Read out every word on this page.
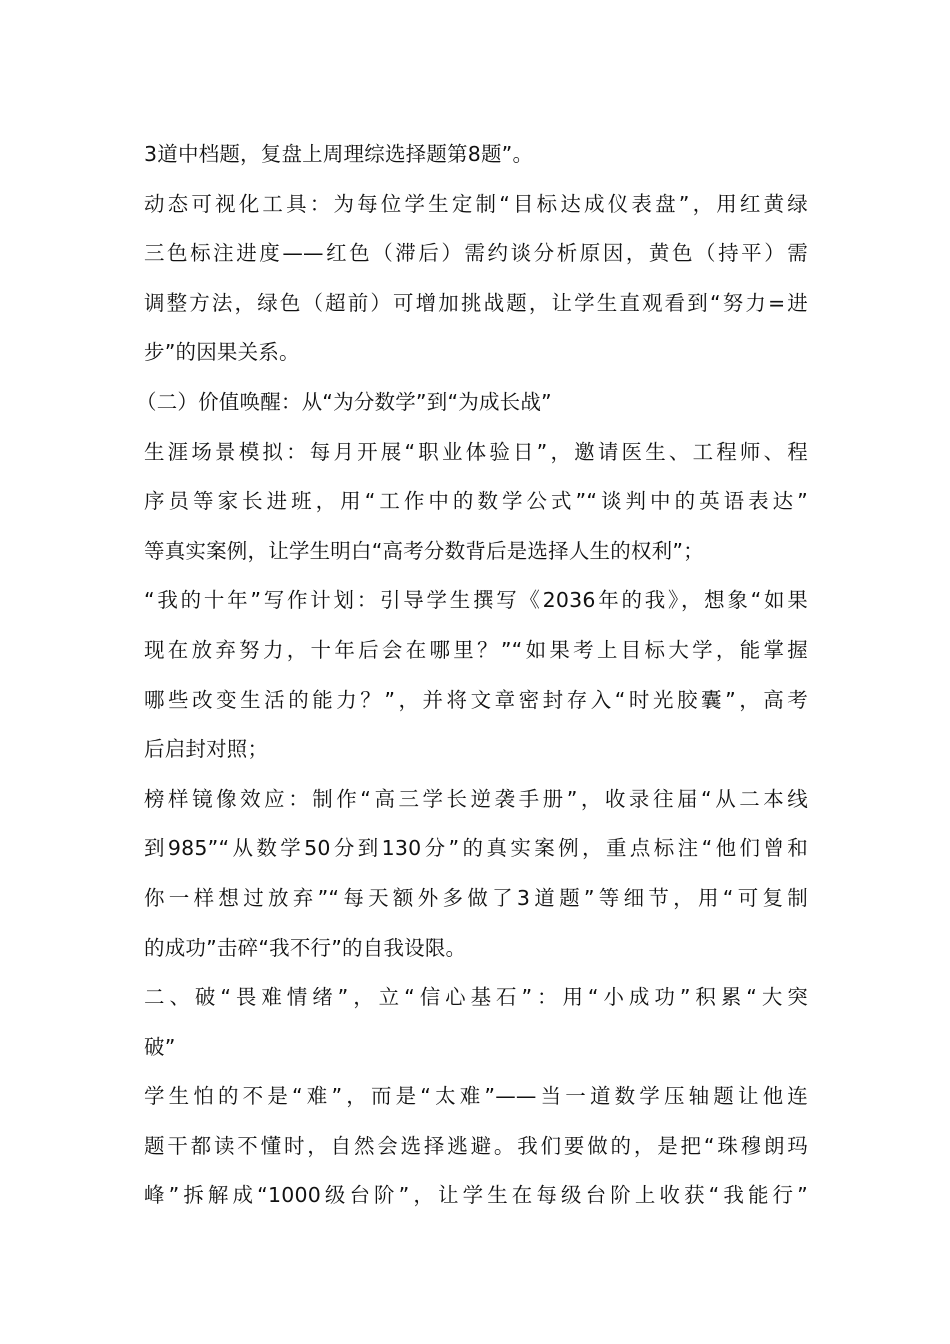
3道中档题，复盘上周理综选择题第8题”。
动态可视化工具：为每位学生定制“目标达成仪表盘”，用红黄绿
三色标注进度——红色（滞后）需约谈分析原因，黄色（持平）需
调整方法，绿色（超前）可增加挑战题，让学生直观看到“努力=进
步”的因果关系。
（二）价值唤醒：从“为分数学”到“为成长战”
生涯场景模拟：每月开展“职业体验日”，邀请医生、工程师、程
序员等家长进班，用“工作中的数学公式”“谈判中的英语表达”
等真实案例，让学生明白“高考分数背后是选择人生的权利”；
“我的十年”写作计划：引导学生撰写《2036年的我》，想象“如果
现在放弃努力，十年后会在哪里？”“如果考上目标大学，能掌握
哪些改变生活的能力？”，并将文章密封存入“时光胶囊”，高考
后启封对照；
榜样镜像效应：制作“高三学长逆袭手册”，收录往届“从二本线
到985”“从数学50分到130分”的真实案例，重点标注“他们曾和
你一样想过放弃”“每天额外多做了3道题”等细节，用“可复制
的成功”击碎“我不行”的自我设限。
二、破“畏难情绪”，立“信心基石”：用“小成功”积累“大突
破”
学生怕的不是“难”，而是“太难”——当一道数学压轴题让他连
题干都读不懂时，自然会选择逃避。我们要做的，是把“珠穆朗玛
峰”拆解成“1000级台阶”，让学生在每级台阶上收获“我能行”
